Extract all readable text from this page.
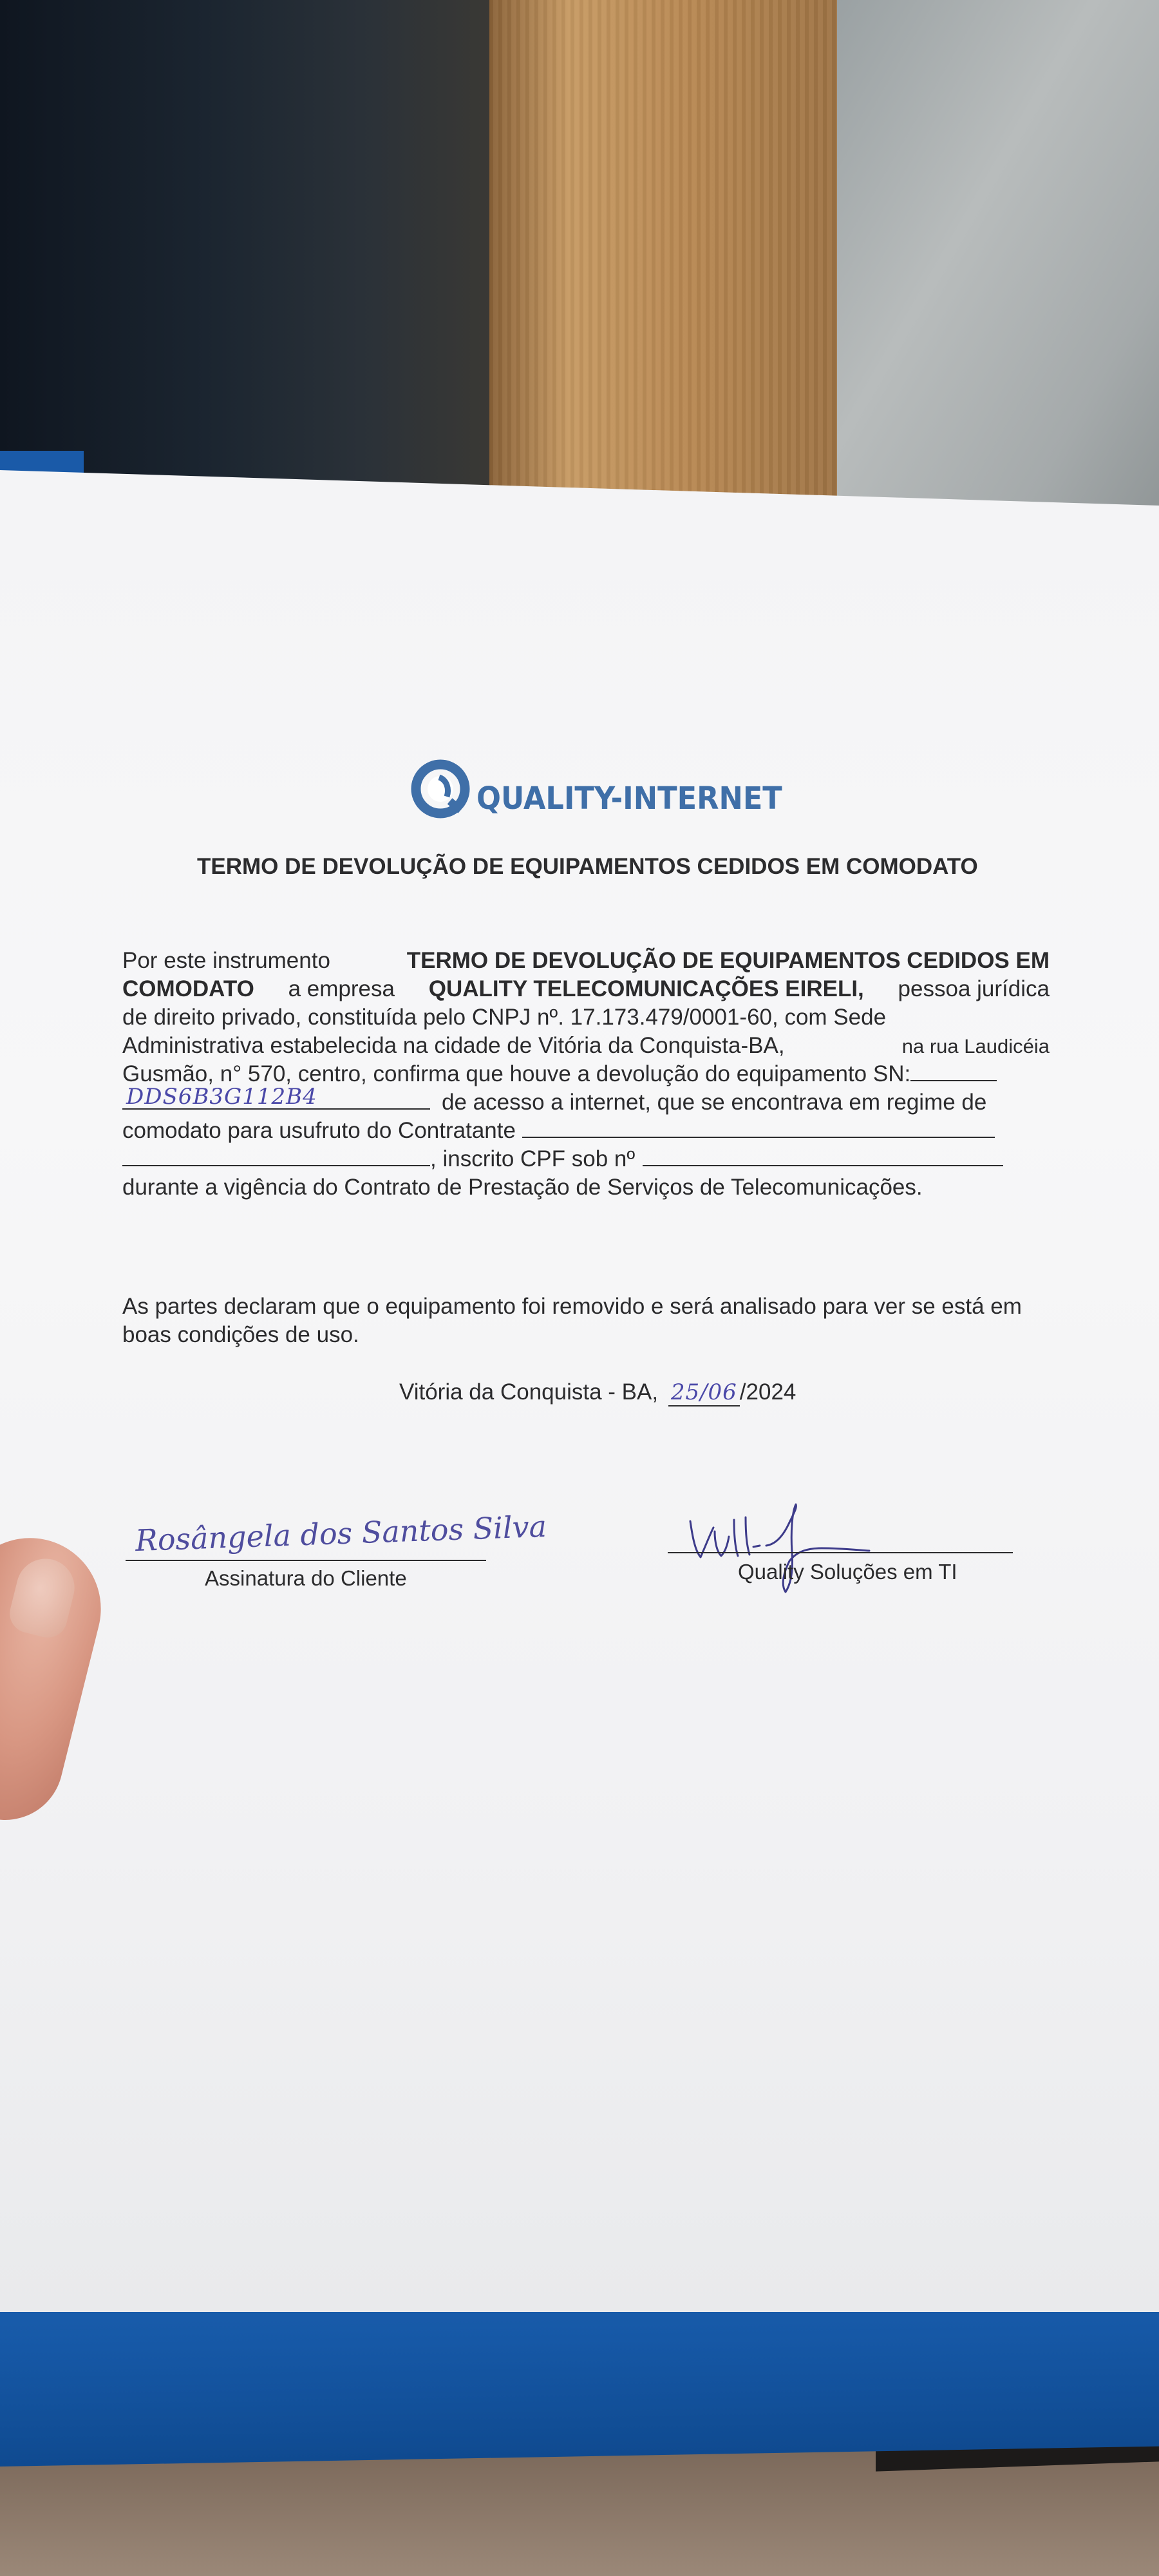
QUALITY-INTERNET
TERMO DE DEVOLUÇÃO DE EQUIPAMENTOS CEDIDOS EM COMODATO
Por este instrumento	TERMO DE DEVOLUÇÃO DE EQUIPAMENTOS CEDIDOS EM
COMODATO a empresa QUALITY TELECOMUNICAÇÕES EIRELI, pessoa jurídica
de direito privado, constituída pelo CNPJ nº. 17.173.479/0001-60, com Sede
Administrativa estabelecida na cidade de Vitória da Conquista-BA,	na rua Laudicéia
Gusmão, n° 570, centro, confirma que houve a devolução do equipamento SN:
DDS6B3G112B4	de acesso a internet, que se encontrava em regime de
comodato para usufruto do Contratante
, inscrito CPF sob nº
durante a vigência do Contrato de Prestação de Serviços de Telecomunicações.
As partes declaram que o equipamento foi removido e será analisado para ver se está em
boas condições de uso.
Vitória da Conquista - BA, 25/06 /2024
Rosângela dos Santos Silva
Assinatura do Cliente	Quality Soluções em TI
